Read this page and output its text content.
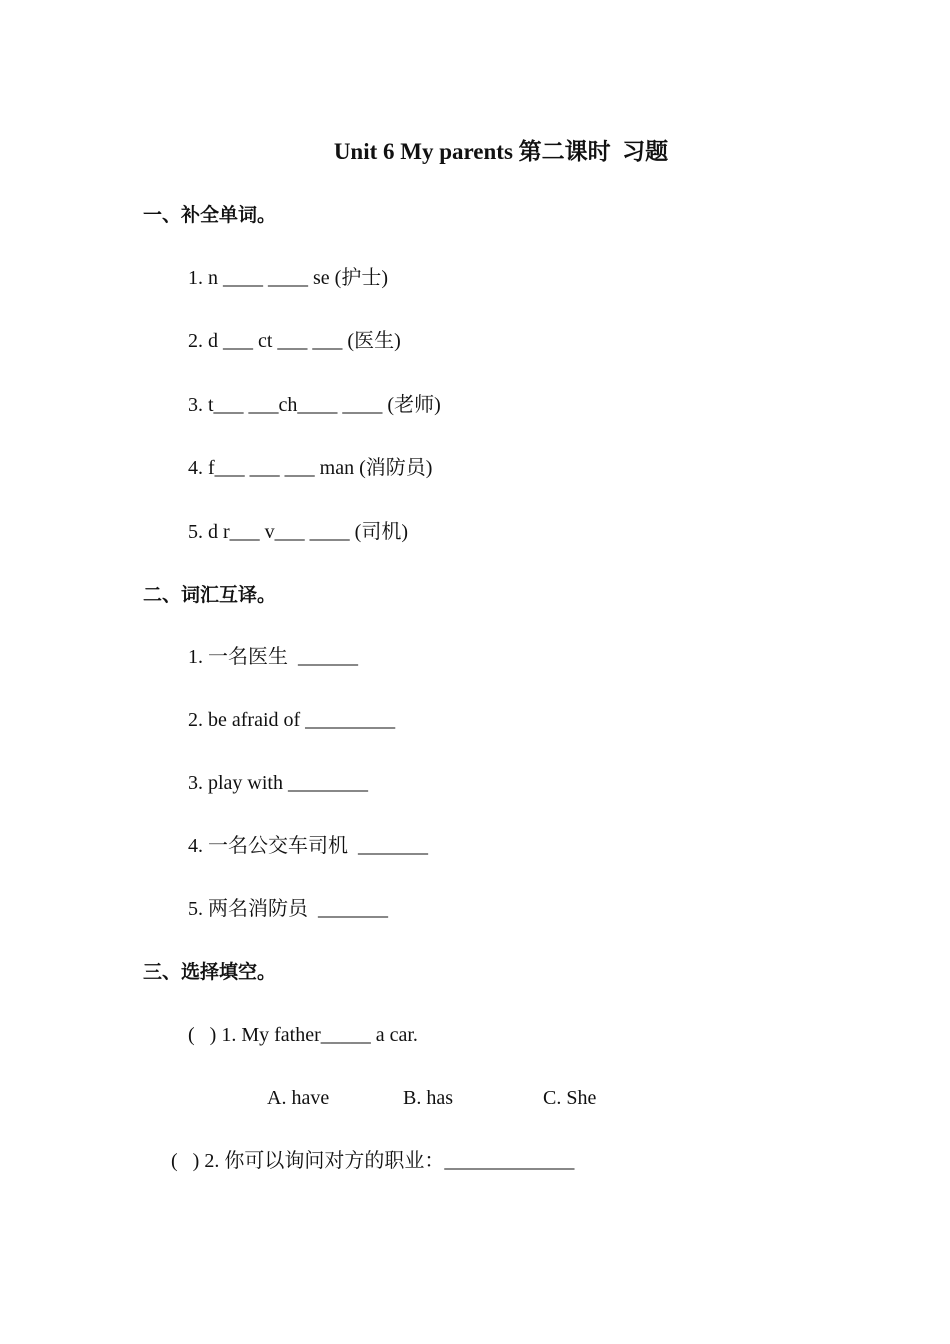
Unit 6 My parents 第二课时  习题
一、补全单词。
1. n ____ ____ se (护士)
2. d ___ ct ___ ___ (医生)
3. t___ ___ch____ ____ (老师)
4. f___ ___ ___ man (消防员)
5. d r___ v___ ____ (司机)
二、词汇互译。
1. 一名医生  ______
2. be afraid of _________
3. play with ________
4. 一名公交车司机  _______
5. 两名消防员  _______
三、选择填空。
(   ) 1. My father_____ a car.
A. have	B. has	C. She
(   ) 2. 你可以询问对方的职业：_____________
